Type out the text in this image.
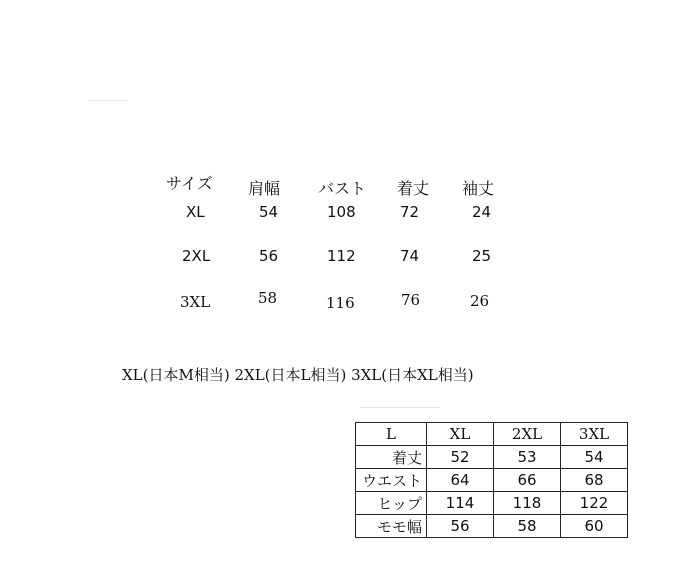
サイズ 肩幅 バスト 着丈 袖丈
XL	54	108	72	24
2XL	56	112	74	25
3XL	58	116	76	26
XL(日本M相当) 2XL(日本L相当) 3XL(日本XL相当)
L	XL	2XL	3XL
着丈	52	53	54
ウエスト	64	66	68
ヒップ	114	118	122
モモ幅	56	58	60
